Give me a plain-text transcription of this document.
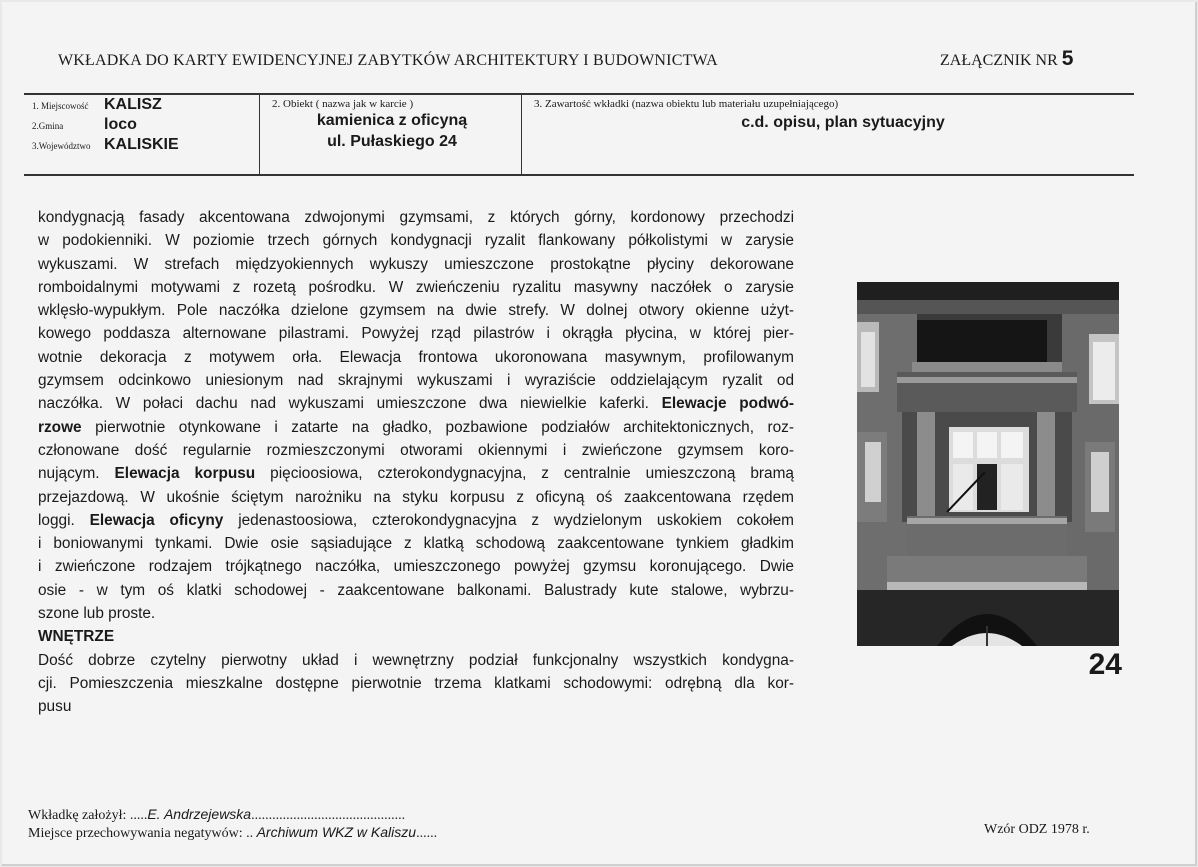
WKŁADKA DO KARTY EWIDENCYJNEJ ZABYTKÓW ARCHITEKTURY I BUDOWNICTWA	ZAŁĄCZNIK NR 5
1. Miejscowość KALISZ
2.Gmina	loco
3.Województwo KALISKIE
2. Obiekt ( nazwa jak w karcie )
kamienica z oficyną
ul. Pułaskiego 24
3. Zawartość wkładki (nazwa obiektu lub materiału uzupełniającego)
c.d. opisu, plan sytuacyjny
kondygnacją fasady akcentowana zdwojonymi gzymsami, z których górny, kordonowy przechodzi
w podokienniki. W poziomie trzech górnych kondygnacji ryzalit flankowany półkolistymi w zarysie
wykuszami. W strefach międzyokiennych wykuszy umieszczone prostokątne płyciny dekorowane
romboidalnymi motywami z rozetą pośrodku. W zwieńczeniu ryzalitu masywny naczółek o zarysie
wklęsło-wypukłym. Pole naczółka dzielone gzymsem na dwie strefy. W dolnej otwory okienne użyt-
kowego poddasza alternowane pilastrami. Powyżej rząd pilastrów i okrągła płycina, w której pier-
wotnie dekoracja z motywem orła. Elewacja frontowa ukoronowana masywnym, profilowanym
gzymsem odcinkowo uniesionym nad skrajnymi wykuszami i wyraziście oddzielającym ryzalit od
naczółka. W połaci dachu nad wykuszami umieszczone dwa niewielkie kaferki. Elewacje podwó-
rzowe pierwotnie otynkowane i zatarte na gładko, pozbawione podziałów architektonicznych, roz-
członowane dość regularnie rozmieszczonymi otworami okiennymi i zwieńczone gzymsem koro-
nującym. Elewacja korpusu pięcioosiowa, czterokondygnacyjna, z centralnie umieszczoną bramą
przejazdową. W ukośnie ściętym narożniku na styku korpusu z oficyną oś zaakcentowana rzędem
loggi. Elewacja oficyny jedenastoosiowa, czterokondygnacyjna z wydzielonym uskokiem cokołem
i boniowanymi tynkami. Dwie osie sąsiadujące z klatką schodową zaakcentowane tynkiem gładkim
i zwieńczone rodzajem trójkątnego naczółka, umieszczonego powyżej gzymsu koronującego. Dwie
osie - w tym oś klatki schodowej - zaakcentowane balkonami. Balustrady kute stalowe, wybrzu-
szone lub proste.
WNĘTRZE
Dość dobrze czytelny pierwotny układ i wewnętrzny podział funkcjonalny wszystkich kondygna-
cji. Pomieszczenia mieszkalne dostępne pierwotnie trzema klatkami schodowymi: odrębną dla kor-
pusu
24
Wkładkę założył: .....E. Andrzejewska............................................
Miejsce przechowywania negatywów: .. Archiwum WKZ w Kaliszu......	Wzór ODZ 1978 r.
